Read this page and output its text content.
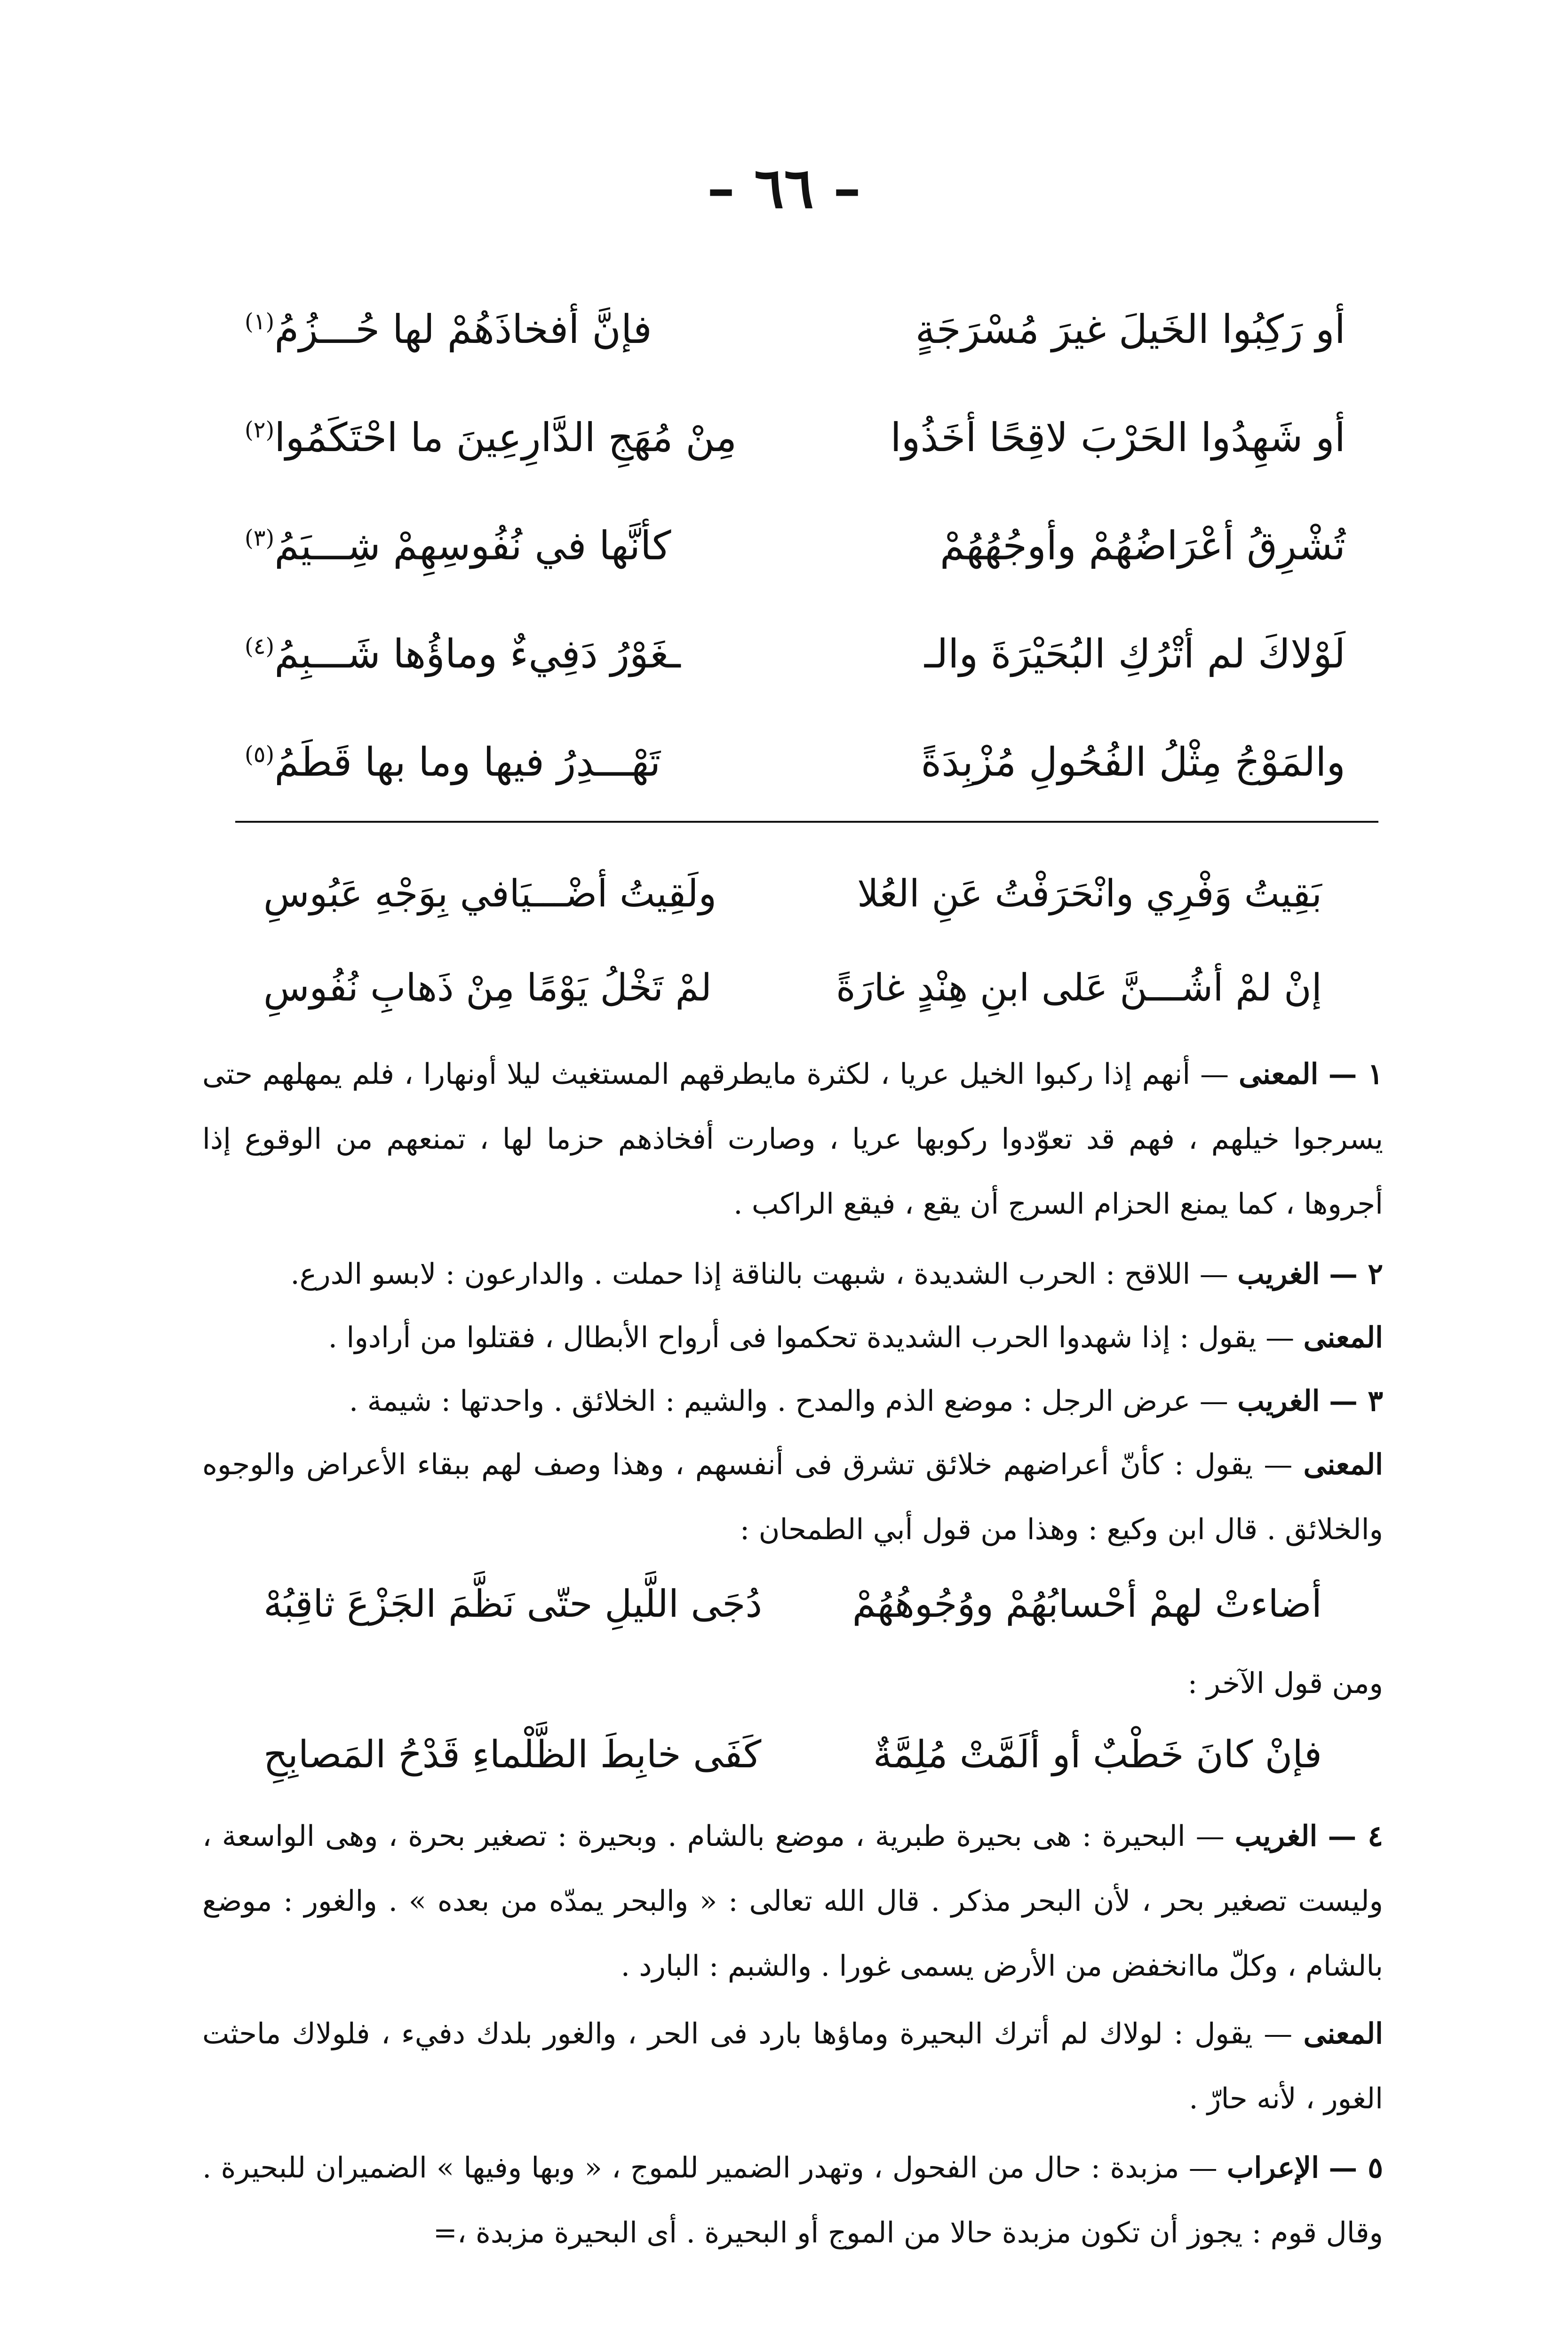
– ٦٦ –
أو رَكِبُوا الخَيلَ غيرَ مُسْرَجَةٍ
فإنَّ أفخاذَهُمْ لها حُـــزُمُ$^{(١)}$
أو شَهِدُوا الحَرْبَ لاقِحًا أخَذُوا
مِنْ مُهَجِ الدَّارِعِينَ ما احْتَكَمُوا$^{(٢)}$
تُشْرِقُ أعْرَاضُهُمْ وأوجُهُهُمْ
كأنَّها في نُفُوسِهِمْ شِـــيَمُ$^{(٣)}$
لَوْلاكَ لم أتْرُكِ البُحَيْرَةَ والـ
ـغَوْرُ دَفِيءٌ وماؤُها شَـــبِمُ$^{(٤)}$
والمَوْجُ مِثْلُ الفُحُولِ مُزْبِدَةً
تَهْـــدِرُ فيها وما بها قَطَمُ$^{(٥)}$
بَقِيتُ وَفْرِي وانْحَرَفْتُ عَنِ العُلا
ولَقِيتُ أضْـــيَافي بِوَجْهِ عَبُوسِ
إنْ لمْ أشُـــنَّ عَلى ابنِ هِنْدٍ غارَةً
لمْ تَخْلُ يَوْمًا مِنْ ذَهابِ نُفُوسِ
١ — المعنى — أنهم إذا ركبوا الخيل عريا ، لكثرة مايطرقهم المستغيث ليلا أونهارا ، فلم يمهلهم حتى يسرجوا خيلهم ، فهم قد تعوّدوا ركوبها عريا ، وصارت أفخاذهم حزما لها ، تمنعهم من الوقوع إذا أجروها ، كما يمنع الحزام السرج أن يقع ، فيقع الراكب .
٢ — الغريب — اللاقح : الحرب الشديدة ، شبهت بالناقة إذا حملت . والدارعون : لابسو الدرع.
المعنى — يقول : إذا شهدوا الحرب الشديدة تحكموا فى أرواح الأبطال ، فقتلوا من أرادوا .
٣ — الغريب — عرض الرجل : موضع الذم والمدح . والشيم : الخلائق . واحدتها : شيمة .
المعنى — يقول : كأنّ أعراضهم خلائق تشرق فى أنفسهم ، وهذا وصف لهم ببقاء الأعراض والوجوه والخلائق . قال ابن وكيع : وهذا من قول أبي الطمحان :
أضاءتْ لهمْ أحْسابُهُمْ ووُجُوهُهُمْ
دُجَى اللَّيلِ حتّى نَظَّمَ الجَزْعَ ثاقِبُهْ
ومن قول الآخر :
فإنْ كانَ خَطْبٌ أو ألَمَّتْ مُلِمَّةٌ
كَفَى خابِطَ الظَّلْماءِ قَدْحُ المَصابِحِ
٤ — الغريب — البحيرة : هى بحيرة طبرية ، موضع بالشام . وبحيرة : تصغير بحرة ، وهى الواسعة ، وليست تصغير بحر ، لأن البحر مذكر . قال الله تعالى : « والبحر يمدّه من بعده » . والغور : موضع بالشام ، وكلّ ماانخفض من الأرض يسمى غورا . والشبم : البارد .
المعنى — يقول : لولاك لم أترك البحيرة وماؤها بارد فى الحر ، والغور بلدك دفيء ، فلولاك ماحثت الغور ، لأنه حارّ .
٥ — الإعراب — مزبدة : حال من الفحول ، وتهدر الضمير للموج ، « وبها وفيها » الضميران للبحيرة . وقال قوم : يجوز أن تكون مزبدة حالا من الموج أو البحيرة . أى البحيرة مزبدة ،=
